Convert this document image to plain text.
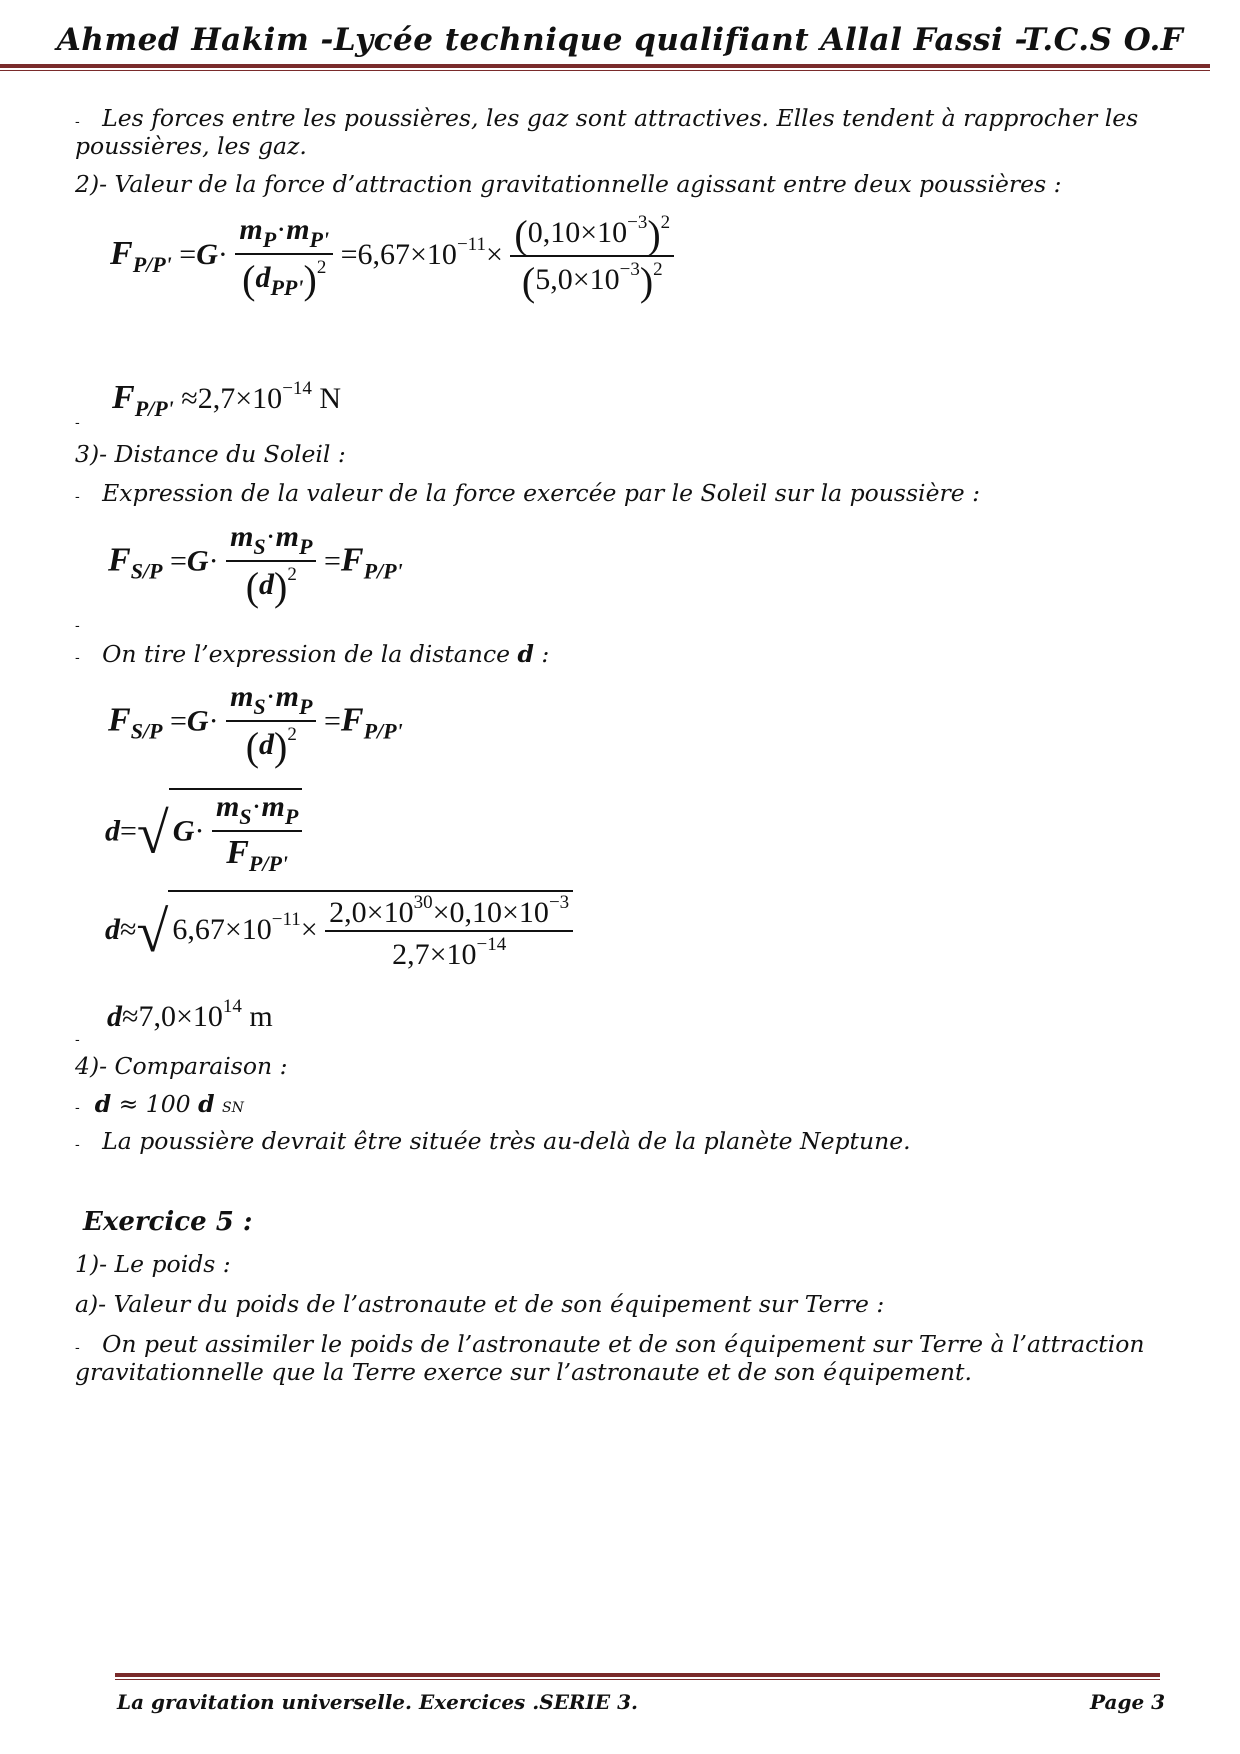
Ahmed Hakim -Lycée technique qualifiant Allal Fassi -T.C.S O.F
- Les forces entre les poussières, les gaz sont attractives. Elles tendent à rapprocher les
poussières, les gaz.
2)- Valeur de la force d’attraction gravitationnelle agissant entre deux poussières :
$F_{P/P'} =G\cdot \frac{m_P\cdot m_{P'}}{(d_{PP'})^2} =6,67\times 10^{-11}\times \frac{(0,10\times 10^{-3})^2}{(5,0\times 10^{-3})^2}$
-
$F_{P/P'} \approx 2,7\times 10^{-14}$ N
3)- Distance du Soleil :
- Expression de la valeur de la force exercée par le Soleil sur la poussière :
$F_{S/P} =G\cdot \frac{m_S\cdot m_P}{(d)^2} =F_{P/P'}$
-
- On tire l’expression de la distance d :
$F_{S/P} =G\cdot \frac{m_S\cdot m_P}{(d)^2} =F_{P/P'}$
d=√ $G\cdot \frac{m_S\cdot m_P}{F_{P/P'}}$
d≈√ $6,67\times 10^{-11}\times \frac{2,0\times 10^{30}\times 0,10\times 10^{-3}}{2,7\times 10^{-14}}$
-
$d\approx 7,0\times 10^{14}$ m
4)- Comparaison :
- d ≈ 100 d SN
- La poussière devrait être située très au-delà de la planète Neptune.
Exercice 5 :
1)- Le poids :
a)- Valeur du poids de l’astronaute et de son équipement sur Terre :
- On peut assimiler le poids de l’astronaute et de son équipement sur Terre à l’attraction
gravitationnelle que la Terre exerce sur l’astronaute et de son équipement.
La gravitation universelle. Exercices .SERIE 3.	Page 3
